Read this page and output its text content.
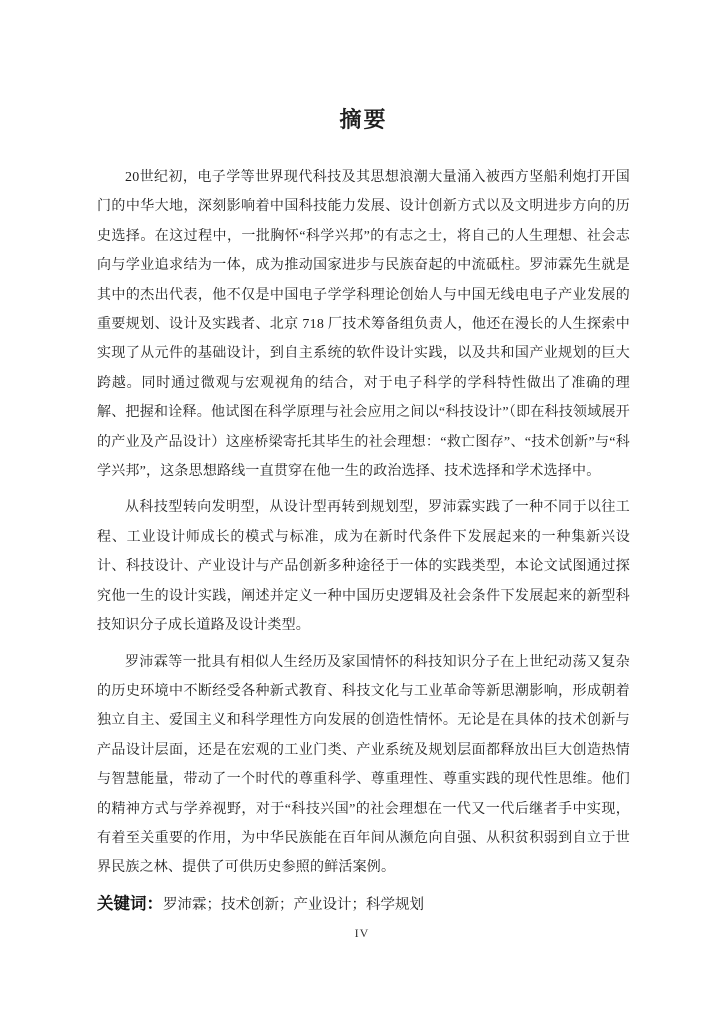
摘要

20世纪初，电子学等世界现代科技及其思想浪潮大量涌入被西方坚船利炮打开国门的中华大地，深刻影响着中国科技能力发展、设计创新方式以及文明进步方向的历史选择。在这过程中，一批胸怀“科学兴邦”的有志之士，将自己的人生理想、社会志向与学业追求结为一体，成为推动国家进步与民族奋起的中流砥柱。罗沛霖先生就是其中的杰出代表，他不仅是中国电子学学科理论创始人与中国无线电电子产业发展的重要规划、设计及实践者、北京 718 厂技术筹备组负责人，他还在漫长的人生探索中实现了从元件的基础设计，到自主系统的软件设计实践，以及共和国产业规划的巨大跨越。同时通过微观与宏观视角的结合，对于电子科学的学科特性做出了准确的理解、把握和诠释。他试图在科学原理与社会应用之间以“科技设计”（即在科技领域展开的产业及产品设计）这座桥梁寄托其毕生的社会理想：“救亡图存”、“技术创新”与“科学兴邦”，这条思想路线一直贯穿在他一生的政治选择、技术选择和学术选择中。

从科技型转向发明型，从设计型再转到规划型，罗沛霖实践了一种不同于以往工程、工业设计师成长的模式与标准，成为在新时代条件下发展起来的一种集新兴设计、科技设计、产业设计与产品创新多种途径于一体的实践类型，本论文试图通过探究他一生的设计实践，阐述并定义一种中国历史逻辑及社会条件下发展起来的新型科技知识分子成长道路及设计类型。

罗沛霖等一批具有相似人生经历及家国情怀的科技知识分子在上世纪动荡又复杂的历史环境中不断经受各种新式教育、科技文化与工业革命等新思潮影响，形成朝着独立自主、爱国主义和科学理性方向发展的创造性情怀。无论是在具体的技术创新与产品设计层面，还是在宏观的工业门类、产业系统及规划层面都释放出巨大创造热情与智慧能量，带动了一个时代的尊重科学、尊重理性、尊重实践的现代性思维。他们的精神方式与学养视野，对于“科技兴国”的社会理想在一代又一代后继者手中实现，有着至关重要的作用，为中华民族能在百年间从濒危向自强、从积贫积弱到自立于世界民族之林、提供了可供历史参照的鲜活案例。

关键词：罗沛霖；技术创新；产业设计；科学规划
IV
